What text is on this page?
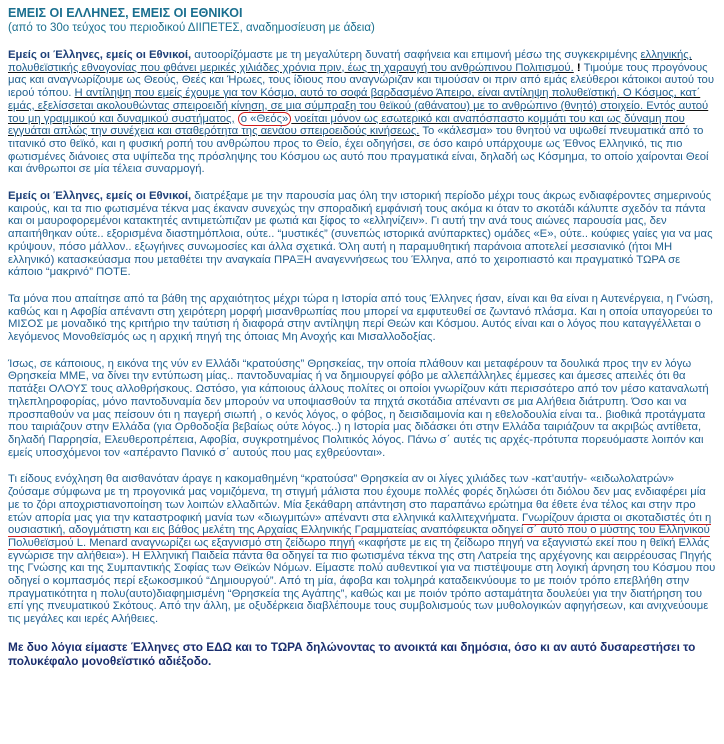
ΕΜΕΙΣ ΟΙ ΕΛΛΗΝΕΣ, ΕΜΕΙΣ ΟΙ ΕΘΝΙΚΟΙ
(από το 30ο τεύχος του περιοδικού ΔΙΙΠΕΤΕΣ, αναδημοσίευση με άδεια)

Εμείς οι Έλληνες, εμείς οι Εθνικοί, αυτοορίζόμαστε με τη μεγαλύτερη δυνατή σαφήνεια και επιμονή μέσω της συγκεκριμένης ελληνικής, πολυθεϊστικής εθνογονίας που φθάνει μερικές χιλιάδες χρόνια πριν, έως τη χαραυγή του ανθρώπινου Πολιτισμού. ! Τιμούμε τους προγόνους μας και αναγνωρίζουμε ως Θεούς, Θεές και Ήρωες, τους ίδιους που αναγνώριζαν και τιμούσαν οι πριν από εμάς ελεύθεροι κάτοικοι αυτού του ιερού τόπου. Η αντίληψη που εμείς έχουμε για τον Κόσμο, αυτό το σοφά βαρδασμένο Άπειρο, είναι αντίληψη πολυθεϊστική. Ο Κόσμος, κατ΄ εμάς, εξελίσσεται ακολουθώντας σπειροειδή κίνηση, σε μια σύμπραξη του θεϊκού (αθάνατου) με το ανθρώπινο (θνητό) στοιχείο. Εντός αυτού του μη γραμμικού και δυναμικού συστήματος, ο «Θεός» νοείται μόνον ως εσωτερικό και αναπόσπαστο κομμάτι του και ως δύναμη που εγγυάται απλώς την συνέχεια και σταθερότητα της αενάου σπειροειδούς κινήσεως. Το «κάλεσμα» του θνητού να υψωθεί πνευματικά από το τιτανικό στο θεϊκό, και η φυσική ροπή του ανθρώπου προς το Θείο, έχει οδηγήσει, σε όσο καιρό υπάρχουμε ως Έθνος Ελληνικό, τις πιο φωτισμένες διάνοιες στα υψίπεδα της πρόσληψης του Κόσμου ως αυτό που πραγματικά είναι, δηλαδή ως Κόσμημα, το οποίο χαίρονται Θεοί και άνθρωποι σε μία τέλεια συναρμογή.

Εμείς οι Έλληνες, εμείς οι Εθνικοί, διατρέξαμε με την παρουσία μας όλη την ιστορική περίοδο μέχρι τους άκρως ενδιαφέροντες σημερινούς καιρούς, και τα πιο φωτισμένα τέκνα μας έκαναν συνεχώς την σποραδική εμφάνισή τους ακόμα κι όταν το σκοτάδι κάλυπτε σχεδόν τα πάντα και οι μαυροφορεμένοι κατακτητές αντιμετώπιζαν με φωτιά και ξίφος το «ελληνίζειν». Γι αυτή την ανά τους αιώνες παρουσία μας, δεν απαιτήθηκαν ούτε.. εξορισμένα διαστημόπλοια, ούτε.. “μυστικές” (συνεπώς ιστορικά ανύπαρκτες) ομάδες «Ε», ούτε.. κούφιες γαίες για να μας κρύψουν, πόσο μάλλον.. εξωγήινες συνωμοσίες και άλλα σχετικά. Όλη αυτή η παραμυθητική παράνοια αποτελεί μεσσιανικό (ήτοι ΜΗ ελληνικό) κατασκεύασμα που μεταθέτει την αναγκαία ΠΡΑΞΗ αναγεννήσεως του Έλληνα, από το χειροπιαστό και πραγματικό ΤΩΡΑ σε κάποιο “μακρινό” ΠΟΤΕ.

Τα μόνα που απαίτησε από τα βάθη της αρχαιότητος μέχρι τώρα η Ιστορία από τους Έλληνες ήσαν, είναι και θα είναι η Αυτενέργεια, η Γνώση, καθώς και η Αφοβία απέναντι στη χειρότερη μορφή μισανθρωπίας που μπορεί να εμφυτευθεί σε ζωντανό πλάσμα. Και η οποία υπαγορεύει το ΜΙΣΟΣ με μοναδικό της κριτήριο την ταύτιση ή διαφορά στην αντίληψη περί Θεών και Κόσμου. Αυτός είναι και ο λόγος που καταγγέλλεται ο λεγόμενος Μονοθεϊσμός ως η αρχική πηγή της όποιας Μη Ανοχής και Μισαλλοδοξίας.

Ίσως, σε κάποιους, η εικόνα της νύν εν Ελλάδι “κρατούσης” Θρησκείας, την οποία πλάθουν και μεταφέρουν τα δουλικά προς την εν λόγω Θρησκεία ΜΜΕ, να δίνει την εντύπωση μίας.. παντοδυναμίας ή να δημιουργεί φόβο με αλλεπάλληλες έμμεσες και άμεσες απειλές ότι θα πατάξει ΟΛΟΥΣ τους αλλοθρήσκους. Ωστόσο, για κάποιους άλλους πολίτες οι οποίοι γνωρίζουν κάτι περισσότερο από τον μέσο καταναλωτή τηλεπληροφορίας, μόνο παντοδυναμία δεν μπορούν να υποψιασθούν τα πηχτά σκοτάδια απέναντι σε μια Αλήθεια διάτρυπη. Όσο και να προσπαθούν να μας πείσουν ότι η παγερή σιωπή , ο κενός λόγος, ο φόβος, η δεισιδαιμονία και η εθελοδουλία είναι τα.. βιοθικά προτάγματα που ταιριάζουν στην Ελλάδα (για Ορθοδοξία βεβαίως ούτε λόγος..) η Ιστορία μας διδάσκει ότι στην Ελλάδα ταιριάζουν τα ακριβώς αντίθετα, δηλαδή Παρρησία, Ελευθεροπρέπεια, Αφοβία, συγκροτημένος Πολιτικός λόγος. Πάνω σ΄ αυτές τις αρχές-πρότυπα πορευόμαστε λοιπόν και εμείς υποσχόμενοι τον «απέραντο Πανικό σ΄ αυτούς που μας εχθρεύονται».

Τι είδους ενόχληση θα αισθανόταν άραγε η κακομαθημένη “κρατούσα” Θρησκεία αν οι λίγες χιλιάδες των -κατ’αυτήν- «ειδωλολατρών» ζούσαμε σύμφωνα με τη προγονικά μας νομιζόμενα, τη στιγμή μάλιστα που έχουμε πολλές φορές δηλώσει ότι διόλου δεν μας ενδιαφέρει μία με το ζόρι αποχριστιανοποίηση των λοιπών ελλαδιτών. Μία ξεκάθαρη απάντηση στο παραπάνω ερώτημα θα έθετε ένα τέλος και στην προ ετών απορία μας για την καταστροφική μανία των «διωγμιτών» απέναντι στα ελληνικά καλλιτεχνήματα. Γνωρίζουν άριστα οι σκοταδιστές ότι η ουσιαστική, αδογμάτιστη και εις βάθος μελέτη της Αρχαίας Ελληνικής Γραμματείας αναπόφευκτα οδηγεί σ΄ αυτό που ο μύστης του Ελληνικού Πολυθεϊσμού L. Menard αναγνωρίζει ως εξαγνισμό στη ζείδωρο πηγή «καφήστε με εις τη ζείδωρο πηγή να εξαγνιστώ εκεί που η θεϊκή Ελλάς εγνώρισε την αλήθεια»). Η Ελληνική Παιδεία πάντα θα οδηγεί τα πιο φωτισμένα τέκνα της στη Λατρεία της αρχέγονης και αειρρέουσας Πηγής της Γνώσης και της Συμπαντικής Σοφίας των Θεϊκών Νόμων. Είμαστε πολύ αυθεντικοί για να πιστέψουμε στη λογική άρνηση του Κόσμου που οδηγεί ο κομπασμός περί εξωκοσμικού “Δημιουργού”. Από τη μία, άφοβα και τολμηρά καταδεικνύουμε το με ποιόν τρόπο επεβλήθη στην πραγματικότητα η πολυ(αυτο)διαφημισμένη “Θρησκεία της Αγάπης”, καθώς και με ποιόν τρόπο ασταμάτητα δουλεύει για την διατήρηση του επί γης πνευματικού Σκότους. Από την άλλη, με οξυδέρκεια διαβλέπουμε τους συμβολισμούς των μυθολογικών αφηγήσεων, και ανιχνεύουμε τις μεγάλες και ιερές Αλήθειες.

Με δυο λόγια είμαστε Έλληνες στο ΕΔΩ και το ΤΩΡΑ δηλώνοντας το ανοικτά και δημόσια, όσο κι αν αυτό δυσαρεστήσει το πολυκέφαλο μονοθεϊστικό αδιέξοδο.
